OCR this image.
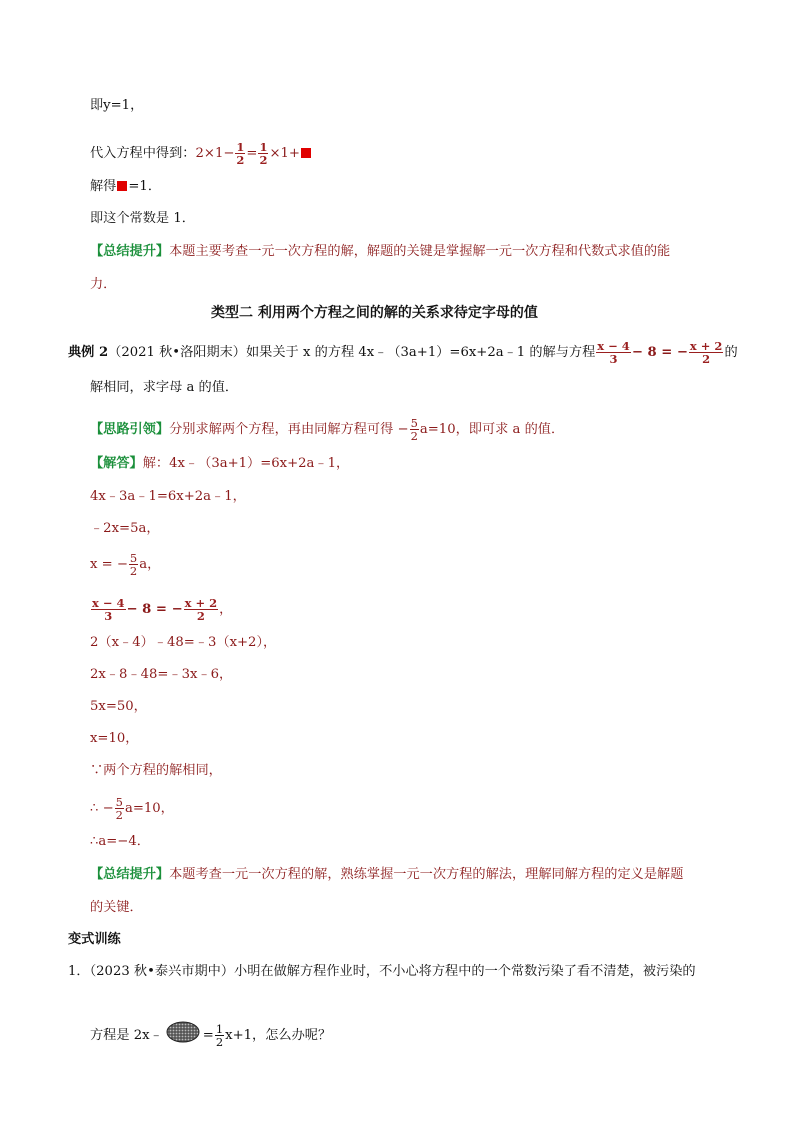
即y=1，
代入方程中得到：$2\times 1- \frac{1}{2} = \frac{1}{2} \times 1+$
解得 =1．
即这个常数是 1．
【总结提升】本题主要考查一元一次方程的解，解题的关键是掌握解一元一次方程和代数式求值的能
力．
类型二 利用两个方程之间的解的关系求待定字母的值
典例 2（2021 秋•洛阳期末）如果关于 x 的方程 4x﹣（3a+1）=6x+2a﹣1 的解与方程 $\frac{x - 4}{3} - 8$ = − $\frac{x + 2}{2}$ 的
解相同，求字母 a 的值．
【思路引领】分别求解两个方程，再由同解方程可得 − $\frac{5}{2} a=10$，即可求 a 的值．
【解答】解：4x﹣（3a+1）=6x+2a﹣1，
4x﹣3a﹣1=6x+2a﹣1，
﹣2x=5a，
x = − $\frac{5}{2}$ a，
$\frac{x - 4}{3} - 8$ = − $\frac{x + 2}{2}$ ，
2（x﹣4）﹣48=﹣3（x+2），
2x﹣8﹣48=﹣3x﹣6，
5x=50，
x=10，
∵两个方程的解相同，
∴ − $\frac{5}{2} a=10$，
∴a=−4．
【总结提升】本题考查一元一次方程的解，熟练掌握一元一次方程的解法，理解同解方程的定义是解题
的关键．
变式训练
1．（2023 秋•泰兴市期中）小明在做解方程作业时，不小心将方程中的一个常数污染了看不清楚，被污染的
方程是 2x﹣	= $\frac{1}{2} x+1$，怎么办呢？
